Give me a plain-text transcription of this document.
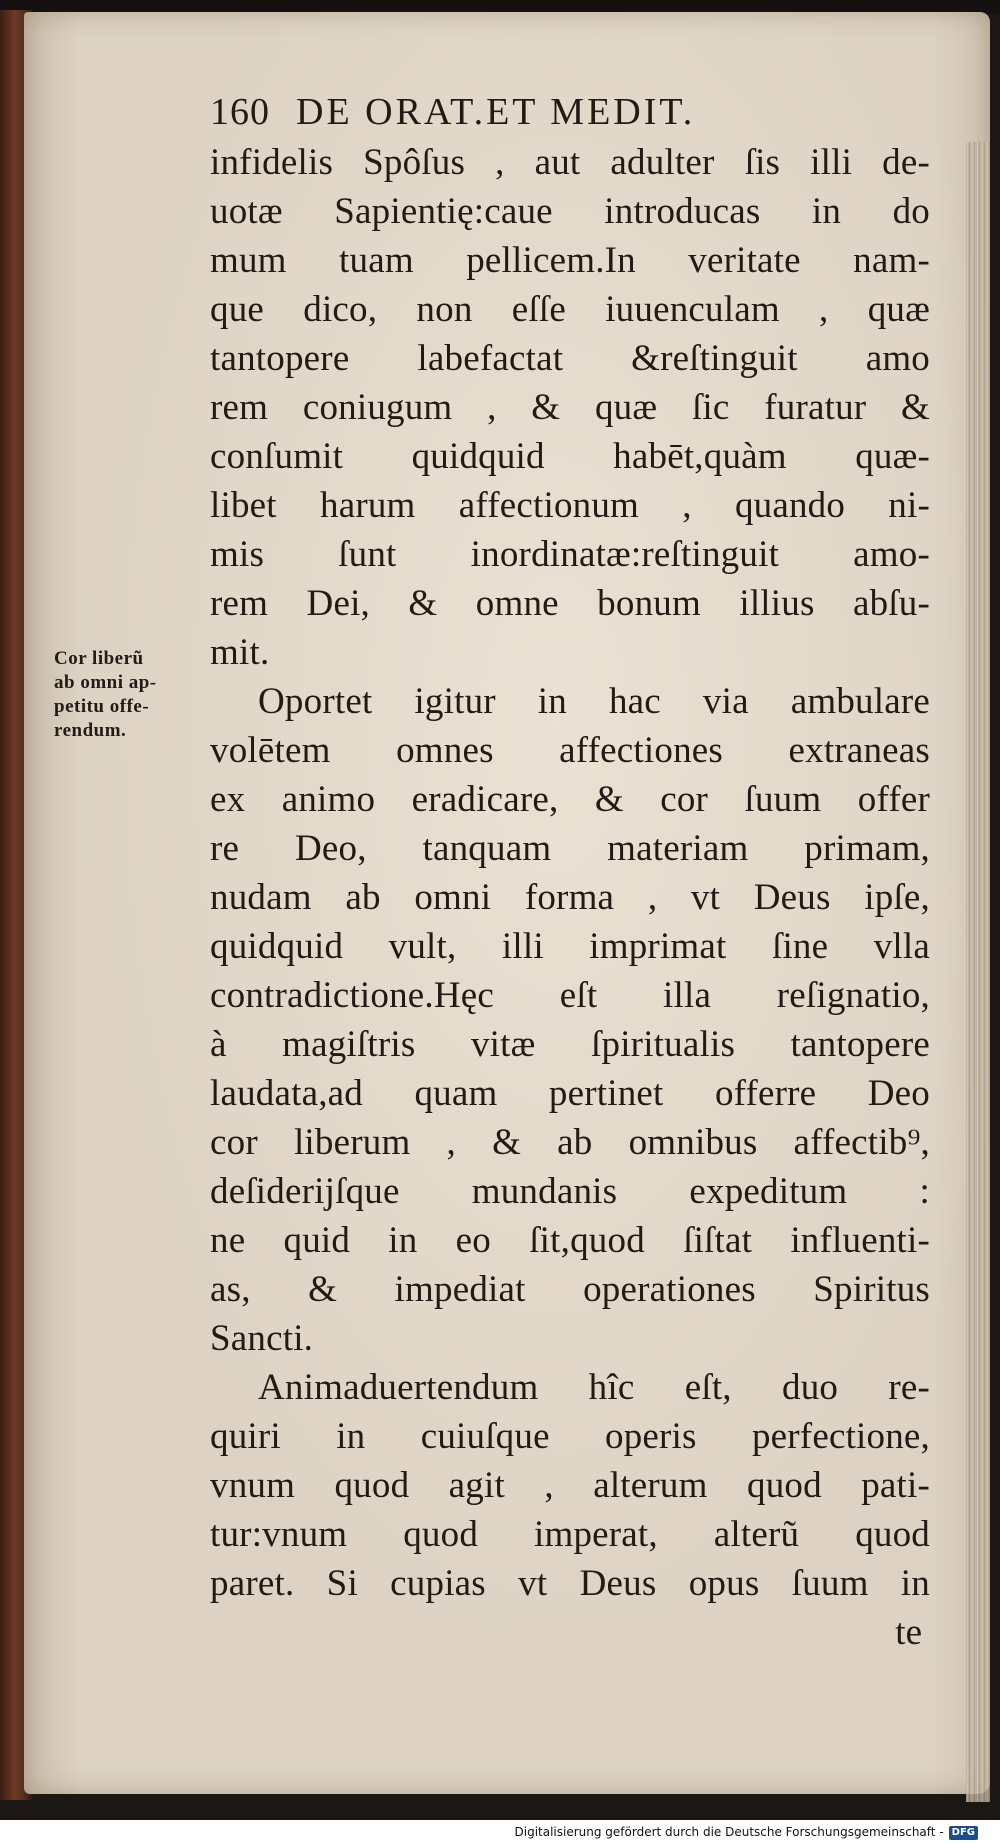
Cor liberũ
ab omni ap-
petitu offe-
rendum.
160 DE ORAT.ET MEDIT.
infidelis Spôſus , aut adulter ſis illi de-
uotæ Sapientię:caue introducas in do
mum tuam pellicem.In veritate nam-
que dico, non eſſe iuuenculam , quæ
tantopere labefactat &reſtinguit amo
rem coniugum , & quæ ſic furatur &
conſumit quidquid habēt,quàm quæ-
libet harum affectionum , quando ni-
mis ſunt inordinatæ:reſtinguit amo-
rem Dei, & omne bonum illius abſu-
mit.
Oportet igitur in hac via ambulare
volētem omnes affectiones extraneas
ex animo eradicare, & cor ſuum offer
re Deo, tanquam materiam primam,
nudam ab omni forma , vt Deus ipſe,
quidquid vult, illi imprimat ſine vlla
contradictione.Hęc eſt illa reſignatio,
à magiſtris vitæ ſpiritualis tantopere
laudata,ad quam pertinet offerre Deo
cor liberum , & ab omnibus affectib⁹,
deſiderijſque mundanis expeditum :
ne quid in eo ſit,quod ſiſtat influenti-
as, & impediat operationes Spiritus
Sancti.
Animaduertendum hîc eſt, duo re-
quiri in cuiuſque operis perfectione,
vnum quod agit , alterum quod pati-
tur:vnum quod imperat, alterũ quod
paret. Si cupias vt Deus opus ſuum in
te
Digitalisierung gefördert durch die Deutsche Forschungsgemeinschaft - DFG
